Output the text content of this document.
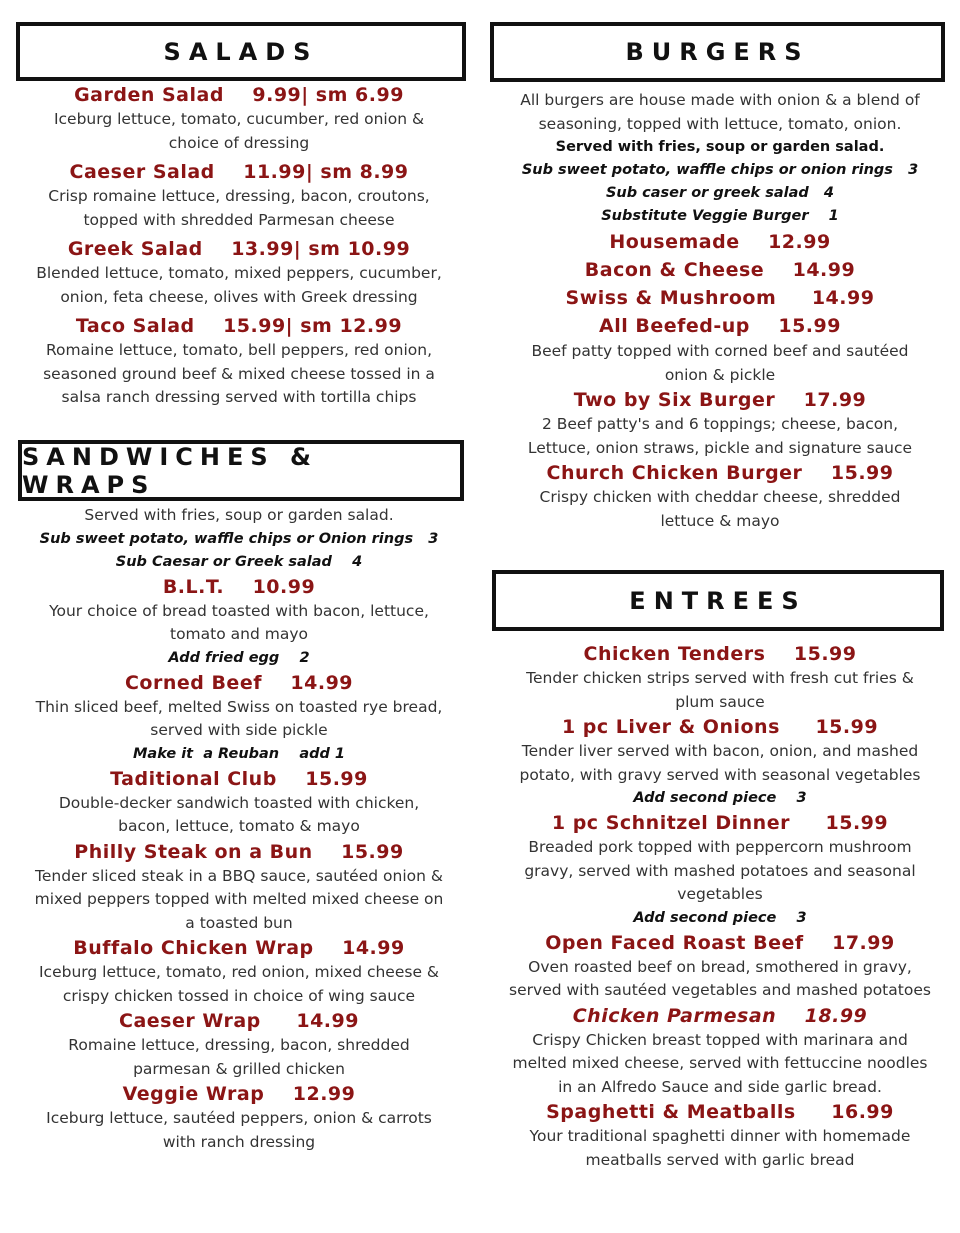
SALADS
Garden Salad    9.99| sm 6.99
Iceburg lettuce, tomato, cucumber, red onion &
choice of dressing
Caeser Salad    11.99| sm 8.99
Crisp romaine lettuce, dressing, bacon, croutons,
topped with shredded Parmesan cheese
Greek Salad    13.99| sm 10.99
Blended lettuce, tomato, mixed peppers, cucumber,
onion, feta cheese, olives with Greek dressing
Taco Salad    15.99| sm 12.99
Romaine lettuce, tomato, bell peppers, red onion,
seasoned ground beef & mixed cheese tossed in a
salsa ranch dressing served with tortilla chips
SANDWICHES & WRAPS
Served with fries, soup or garden salad.
Sub sweet potato, waffle chips or Onion rings   3
Sub Caesar or Greek salad    4
B.L.T.    10.99
Your choice of bread toasted with bacon, lettuce,
tomato and mayo
Add fried egg    2
Corned Beef    14.99
Thin sliced beef, melted Swiss on toasted rye bread,
served with side pickle
Make it  a Reuban    add 1
Taditional Club    15.99
Double-decker sandwich toasted with chicken,
bacon, lettuce, tomato & mayo
Philly Steak on a Bun    15.99
Tender sliced steak in a BBQ sauce, sautéed onion &
mixed peppers topped with melted mixed cheese on
a toasted bun
Buffalo Chicken Wrap    14.99
Iceburg lettuce, tomato, red onion, mixed cheese &
crispy chicken tossed in choice of wing sauce
Caeser Wrap     14.99
Romaine lettuce, dressing, bacon, shredded
parmesan & grilled chicken
Veggie Wrap    12.99
Iceburg lettuce, sautéed peppers, onion & carrots
with ranch dressing
BURGERS
All burgers are house made with onion & a blend of
seasoning, topped with lettuce, tomato, onion.
Served with fries, soup or garden salad.
Sub sweet potato, waffle chips or onion rings   3
Sub caser or greek salad   4
Substitute Veggie Burger    1
Housemade    12.99
Bacon & Cheese    14.99
Swiss & Mushroom     14.99
All Beefed-up    15.99
Beef patty topped with corned beef and sautéed
onion & pickle
Two by Six Burger    17.99
2 Beef patty's and 6 toppings; cheese, bacon,
Lettuce, onion straws, pickle and signature sauce
Church Chicken Burger    15.99
Crispy chicken with cheddar cheese, shredded
lettuce & mayo
ENTREES
Chicken Tenders    15.99
Tender chicken strips served with fresh cut fries &
plum sauce
1 pc Liver & Onions     15.99
Tender liver served with bacon, onion, and mashed
potato, with gravy served with seasonal vegetables
Add second piece    3
1 pc Schnitzel Dinner     15.99
Breaded pork topped with peppercorn mushroom
gravy, served with mashed potatoes and seasonal
vegetables
Add second piece    3
Open Faced Roast Beef    17.99
Oven roasted beef on bread, smothered in gravy,
served with sautéed vegetables and mashed potatoes
Chicken Parmesan    18.99
Crispy Chicken breast topped with marinara and
melted mixed cheese, served with fettuccine noodles
in an Alfredo Sauce and side garlic bread.
Spaghetti & Meatballs     16.99
Your traditional spaghetti dinner with homemade
meatballs served with garlic bread
